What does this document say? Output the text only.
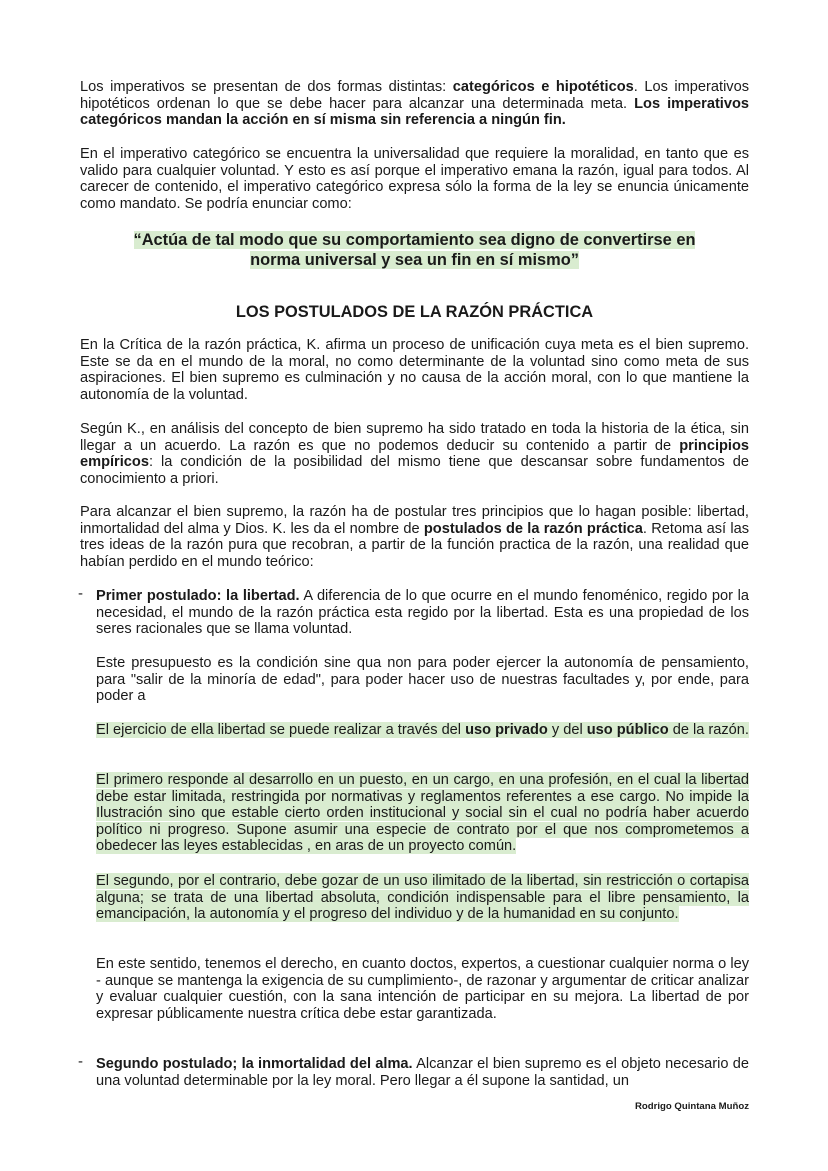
Los imperativos se presentan de dos formas distintas: categóricos e hipotéticos. Los imperativos hipotéticos ordenan lo que se debe hacer para alcanzar una determinada meta. Los imperativos categóricos mandan la acción en sí misma sin referencia a ningún fin.

En el imperativo categórico se encuentra la universalidad que requiere la moralidad, en tanto que es valido para cualquier voluntad. Y esto es así porque el imperativo emana la razón, igual para todos. Al carecer de contenido, el imperativo categórico expresa sólo la forma de la ley se enuncia únicamente como mandato. Se podría enunciar como:

“Actúa de tal modo que su comportamiento sea digno de convertirse en
norma universal y sea un fin en sí mismo”
LOS POSTULADOS DE LA RAZÓN PRÁCTICA

En la Crítica de la razón práctica, K. afirma un proceso de unificación cuya meta es el bien supremo. Este se da en el mundo de la moral, no como determinante de la voluntad sino como meta de sus aspiraciones. El bien supremo es culminación y no causa de la acción moral, con lo que mantiene la autonomía de la voluntad.

Según K., en análisis del concepto de bien supremo ha sido tratado en toda la historia de la ética, sin llegar a un acuerdo. La razón es que no podemos deducir su contenido a partir de principios empíricos: la condición de la posibilidad del mismo tiene que descansar sobre fundamentos de conocimiento a priori.

Para alcanzar el bien supremo, la razón ha de postular tres principios que lo hagan posible: libertad, inmortalidad del alma y Dios. K. les da el nombre de postulados de la razón práctica. Retoma así las tres ideas de la razón pura que recobran, a partir de la función practica de la razón, una realidad que habían perdido en el mundo teórico:

- Primer postulado: la libertad. A diferencia de lo que ocurre en el mundo fenoménico, regido por la necesidad, el mundo de la razón práctica esta regido por la libertad. Esta es una propiedad de los seres racionales que se llama voluntad.

Este presupuesto es la condición sine qua non para poder ejercer la autonomía de pensamiento, para "salir de la minoría de edad", para poder hacer uso de nuestras facultades y, por ende, para poder a

El ejercicio de ella libertad se puede realizar a través del uso privado y del uso público de la razón.

El primero responde al desarrollo en un puesto, en un cargo, en una profesión, en el cual la libertad debe estar limitada, restringida por normativas y reglamentos referentes a ese cargo. No impide la Ilustración sino que estable cierto orden institucional y social sin el cual no podría haber acuerdo político ni progreso. Supone asumir una especie de contrato por el que nos comprometemos a obedecer las leyes establecidas , en aras de un proyecto común.

El segundo, por el contrario, debe gozar de un uso ilimitado de la libertad, sin restricción o cortapisa alguna; se trata de una libertad absoluta, condición indispensable para el libre pensamiento, la emancipación, la autonomía y el progreso del individuo y de la humanidad en su conjunto.

En este sentido, tenemos el derecho, en cuanto doctos, expertos, a cuestionar cualquier norma o ley - aunque se mantenga la exigencia de su cumplimiento-, de razonar y argumentar de criticar analizar y evaluar cualquier cuestión, con la sana intención de participar en su mejora. La libertad de por expresar públicamente nuestra crítica debe estar garantizada.

- Segundo postulado; la inmortalidad del alma. Alcanzar el bien supremo es el objeto necesario de una voluntad determinable por la ley moral. Pero llegar a él supone la santidad, un

Rodrigo Quintana Muñoz
